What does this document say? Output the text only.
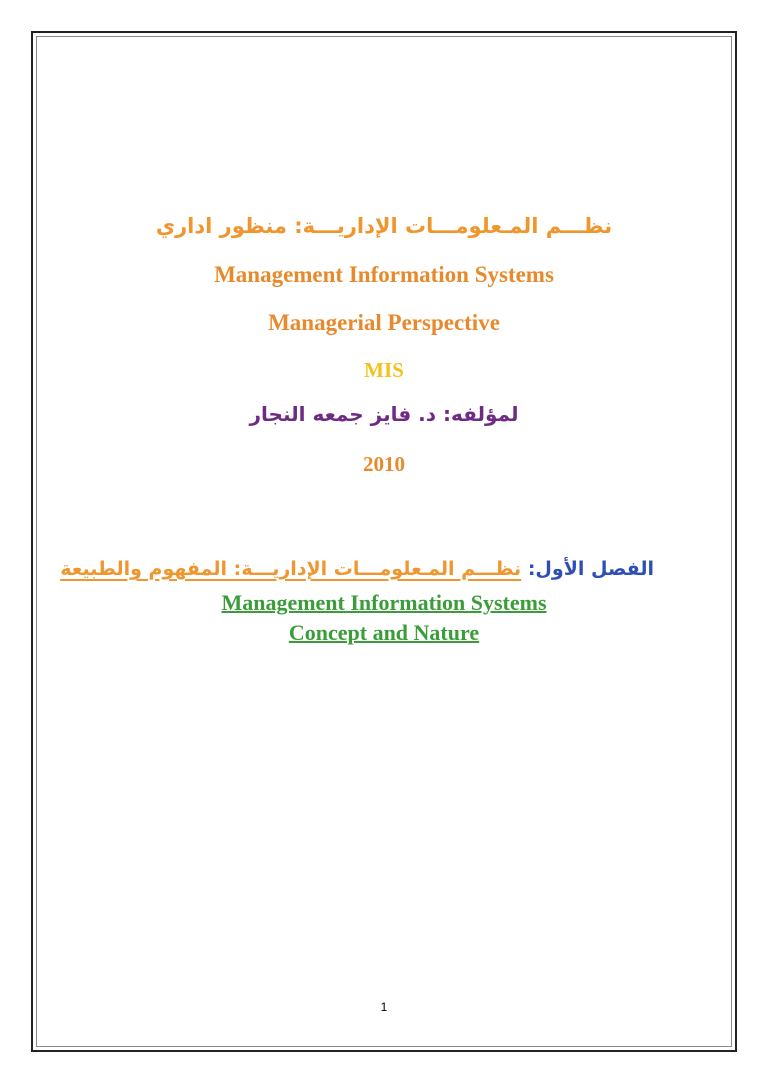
نظـــم المـعلومـــات الإداريـــة: منظور اداري
Management Information Systems
Managerial Perspective
MIS
لمؤلفه: د. فايز جمعه النجار
2010
الفصل الأول: نظـــم المـعلومـــات الإداريـــة: المفهوم والطبيعة
Management Information Systems
Concept and Nature
1
